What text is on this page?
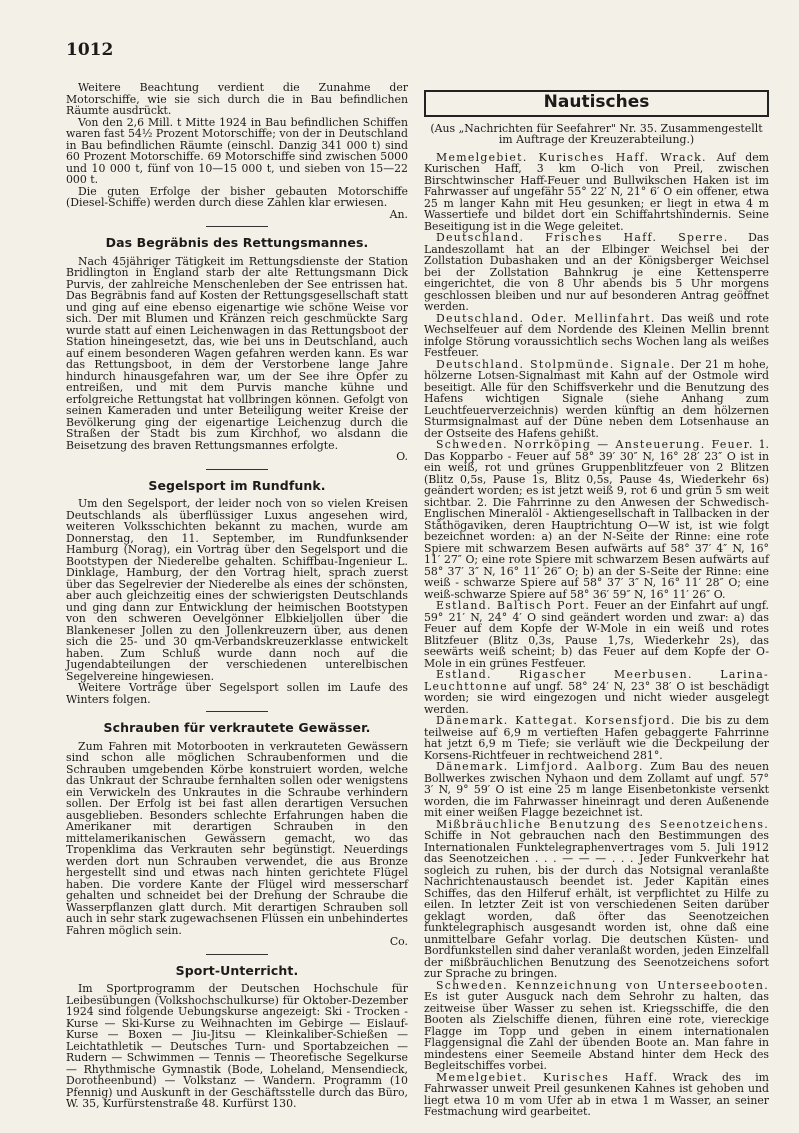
1012

Weitere Beachtung verdient die Zunahme der Motorschiffe, wie sie sich durch die in Bau befindlichen Räumte ausdrückt.

Von den 2,6 Mill. t Mitte 1924 in Bau befindlichen Schiffen waren fast 54½ Prozent Motorschiffe; von der in Deutschland in Bau befindlichen Räumte (einschl. Danzig 341 000 t) sind 60 Prozent Motorschiffe. 69 Motorschiffe sind zwischen 5000 und 10 000 t, fünf von 10—15 000 t, und sieben von 15—22 000 t.

Die guten Erfolge der bisher gebauten Motorschiffe (Diesel-Schiffe) werden durch diese Zahlen klar erwiesen.

An.
Das Begräbnis des Rettungsmannes.

Nach 45jähriger Tätigkeit im Rettungsdienste der Station Bridlington in England starb der alte Rettungsmann Dick Purvis, der zahlreiche Menschenleben der See entrissen hat. Das Begräbnis fand auf Kosten der Rettungsgesellschaft statt und ging auf eine ebenso eigenartige wie schöne Weise vor sich. Der mit Blumen und Kränzen reich geschmückte Sarg wurde statt auf einen Leichenwagen in das Rettungsboot der Station hineingesetzt, das, wie bei uns in Deutschland, auch auf einem besonderen Wagen gefahren werden kann. Es war das Rettungsboot, in dem der Verstorbene lange Jahre hindurch hinausgefahren war, um der See ihre Opfer zu entreißen, und mit dem Purvis manche kühne und erfolgreiche Rettungstat hat vollbringen können. Gefolgt von seinen Kameraden und unter Beteiligung weiter Kreise der Bevölkerung ging der eigenartige Leichenzug durch die Straßen der Stadt bis zum Kirchhof, wo alsdann die Beisetzung des braven Rettungsmannes erfolgte.

O.
Segelsport im Rundfunk.

Um den Segelsport, der leider noch von so vielen Kreisen Deutschlands als überflüssiger Luxus angesehen wird, weiteren Volksschichten bekannt zu machen, wurde am Donnerstag, den 11. September, im Rundfunksender Hamburg (Norag), ein Vortrag über den Segelsport und die Bootstypen der Niederelbe gehalten. Schiffbau-Ingenieur L. Dinklage, Hamburg, der den Vortrag hielt, sprach zuerst über das Segelrevier der Niederelbe als eines der schönsten, aber auch gleichzeitig eines der schwierigsten Deutschlands und ging dann zur Entwicklung der heimischen Bootstypen von den schweren Oevelgönner Elbkieljollen über die Blankeneser Jollen zu den Jollenkreuzern über, aus denen sich die 25- und 30 qm-Verbandskreuzerklasse entwickelt haben. Zum Schluß wurde dann noch auf die Jugendabteilungen der verschiedenen unterelbischen Segelvereine hingewiesen.

Weitere Vorträge über Segelsport sollen im Laufe des Winters folgen.

Schrauben für verkrautete Gewässer.

Zum Fahren mit Motorbooten in verkrauteten Gewässern sind schon alle möglichen Schraubenformen und die Schrauben umgebenden Körbe konstruiert worden, welche das Unkraut der Schraube fernhalten sollen oder wenigstens ein Verwickeln des Unkrautes in die Schraube verhindern sollen. Der Erfolg ist bei fast allen derartigen Versuchen ausgeblieben. Besonders schlechte Erfahrungen haben die Amerikaner mit derartigen Schrauben in den mittelamerikanischen Gewässern gemacht, wo das Tropenklima das Verkrauten sehr begünstigt. Neuerdings werden dort nun Schrauben verwendet, die aus Bronze hergestellt sind und etwas nach hinten gerichtete Flügel haben. Die vordere Kante der Flügel wird messerscharf gehalten und schneidet bei der Drehung der Schraube die Wasserpflanzen glatt durch. Mit derartigen Schrauben soll auch in sehr stark zugewachsenen Flüssen ein unbehindertes Fahren möglich sein.

Co.
Sport-Unterricht.

Im Sportprogramm der Deutschen Hochschule für Leibesübungen (Volkshochschulkurse) für Oktober-Dezember 1924 sind folgende Uebungskurse angezeigt: Ski - Trocken - Kurse — Ski-Kurse zu Weihnachten im Gebirge — Eislauf-Kurse — Boxen — Jiu-Jitsu — Kleinkaliber-Schießen — Leichtathletik — Deutsches Turn- und Sportabzeichen — Rudern — Schwimmen — Tennis — Theoretische Segelkurse — Rhythmische Gymnastik (Bode, Loheland, Mensendieck, Dorotheenbund) — Volkstanz — Wandern. Programm (10 Pfennig) und Auskunft in der Geschäftsstelle durch das Büro, W. 35, Kurfürstenstraße 48. Kurfürst 130.

Nautisches
(Aus „Nachrichten für Seefahrer" Nr. 35. Zusammengestellt im Auftrage der Kreuzerabteilung.)

Memelgebiet. Kurisches Haff. Wrack. Auf dem Kurischen Haff, 3 km O-lich von Preil, zwischen Birschtwinscher Haff-Feuer und Bullwikschen Haken ist im Fahrwasser auf ungefähr 55° 22′ N, 21° 6′ O ein offener, etwa 25 m langer Kahn mit Heu gesunken; er liegt in etwa 4 m Wassertiefe und bildet dort ein Schiffahrtshindernis. Seine Beseitigung ist in die Wege geleitet.

Deutschland. Frisches Haff. Sperre. Das Landeszollamt hat an der Elbinger Weichsel bei der Zollstation Dubashaken und an der Königsberger Weichsel bei der Zollstation Bahnkrug je eine Kettensperre eingerichtet, die von 8 Uhr abends bis 5 Uhr morgens geschlossen bleiben und nur auf besonderen Antrag geöffnet werden.

Deutschland. Oder. Mellinfahrt. Das weiß und rote Wechselfeuer auf dem Nordende des Kleinen Mellin brennt infolge Störung voraussichtlich sechs Wochen lang als weißes Festfeuer.

Deutschland. Stolpmünde. Signale. Der 21 m hohe, hölzerne Lotsen-Signalmast mit Kahn auf der Ostmole wird beseitigt. Alle für den Schiffsverkehr und die Benutzung des Hafens wichtigen Signale (siehe Anhang zum Leuchtfeuerverzeichnis) werden künftig an dem hölzernen Sturmsignalmast auf der Düne neben dem Lotsenhause an der Ostseite des Hafens gehißt.

Schweden. Norrköping — Ansteuerung. Feuer. 1. Das Kopparbo - Feuer auf 58° 39′ 30″ N, 16° 28′ 23″ O ist in ein weiß, rot und grünes Gruppenblitzfeuer von 2 Blitzen (Blitz 0,5s, Pause 1s, Blitz 0,5s, Pause 4s, Wiederkehr 6s) geändert worden; es ist jetzt weiß 9, rot 6 und grün 5 sm weit sichtbar. 2. Die Fahrrinne zu den Anwesen der Schwedisch-Englischen Mineralöl - Aktiengesellschaft in Tallbacken in der Ståthögaviken, deren Hauptrichtung O—W ist, ist wie folgt bezeichnet worden: a) an der N-Seite der Rinne: eine rote Spiere mit schwarzem Besen aufwärts auf 58° 37′ 4″ N, 16° 11′ 27″ O; eine rote Spiere mit schwarzem Besen aufwärts auf 58° 37′ 3″ N, 16° 11′ 26″ O; b) an der S-Seite der Rinne: eine weiß - schwarze Spiere auf 58° 37′ 3″ N, 16° 11′ 28″ O; eine weiß-schwarze Spiere auf 58° 36′ 59″ N, 16° 11′ 26″ O.

Estland. Baltisch Port. Feuer an der Einfahrt auf ungf. 59° 21′ N, 24° 4′ O sind geändert worden und zwar: a) das Feuer auf dem Kopfe der W-Mole in ein weiß und rotes Blitzfeuer (Blitz 0,3s, Pause 1,7s, Wiederkehr 2s), das seewärts weiß scheint; b) das Feuer auf dem Kopfe der O-Mole in ein grünes Festfeuer.

Estland. Rigascher Meerbusen. Larina-Leuchttonne auf ungf. 58° 24′ N, 23° 38′ O ist beschädigt worden; sie wird eingezogen und nicht wieder ausgelegt werden.

Dänemark. Kattegat. Korsensfjord. Die bis zu dem teilweise auf 6,9 m vertieften Hafen gebaggerte Fahrrinne hat jetzt 6,9 m Tiefe; sie verläuft wie die Deckpeilung der Korsens-Richtfeuer in rechtweichend 281°.

Dänemark. Limfjord. Aalborg. Zum Bau des neuen Bollwerkes zwischen Nyhaon und dem Zollamt auf ungf. 57° 3′ N, 9° 59′ O ist eine 25 m lange Eisenbetonkiste versenkt worden, die im Fahrwasser hineinragt und deren Außenende mit einer weißen Flagge bezeichnet ist.

Mißbräuchliche Benutzung des Seenotzeichens. Schiffe in Not gebrauchen nach den Bestimmungen des Internationalen Funktelegraphenvertrages vom 5. Juli 1912 das Seenotzeichen . . . — — — . . . Jeder Funkverkehr hat sogleich zu ruhen, bis der durch das Notsignal veranlaßte Nachrichtenaustausch beendet ist. Jeder Kapitän eines Schiffes, das den Hilferuf erhält, ist verpflichtet zu Hilfe zu eilen. In letzter Zeit ist von verschiedenen Seiten darüber geklagt worden, daß öfter das Seenotzeichen funktelegraphisch ausgesandt worden ist, ohne daß eine unmittelbare Gefahr vorlag. Die deutschen Küsten- und Bordfunkstellen sind daher veranlaßt worden, jeden Einzelfall der mißbräuchlichen Benutzung des Seenotzeichens sofort zur Sprache zu bringen.

Schweden. Kennzeichnung von Unterseebooten. Es ist guter Ausguck nach dem Sehrohr zu halten, das zeitweise über Wasser zu sehen ist. Kriegsschiffe, die den Booten als Zielschiffe dienen, führen eine rote, viereckige Flagge im Topp und geben in einem internationalen Flaggensignal die Zahl der übenden Boote an. Man fahre in mindestens einer Seemeile Abstand hinter dem Heck des Begleitschiffes vorbei.

Memelgebiet. Kurisches Haff. Wrack des im Fahrwasser unweit Preil gesunkenen Kahnes ist gehoben und liegt etwa 10 m vom Ufer ab in etwa 1 m Wasser, an seiner Festmachung wird gearbeitet.
